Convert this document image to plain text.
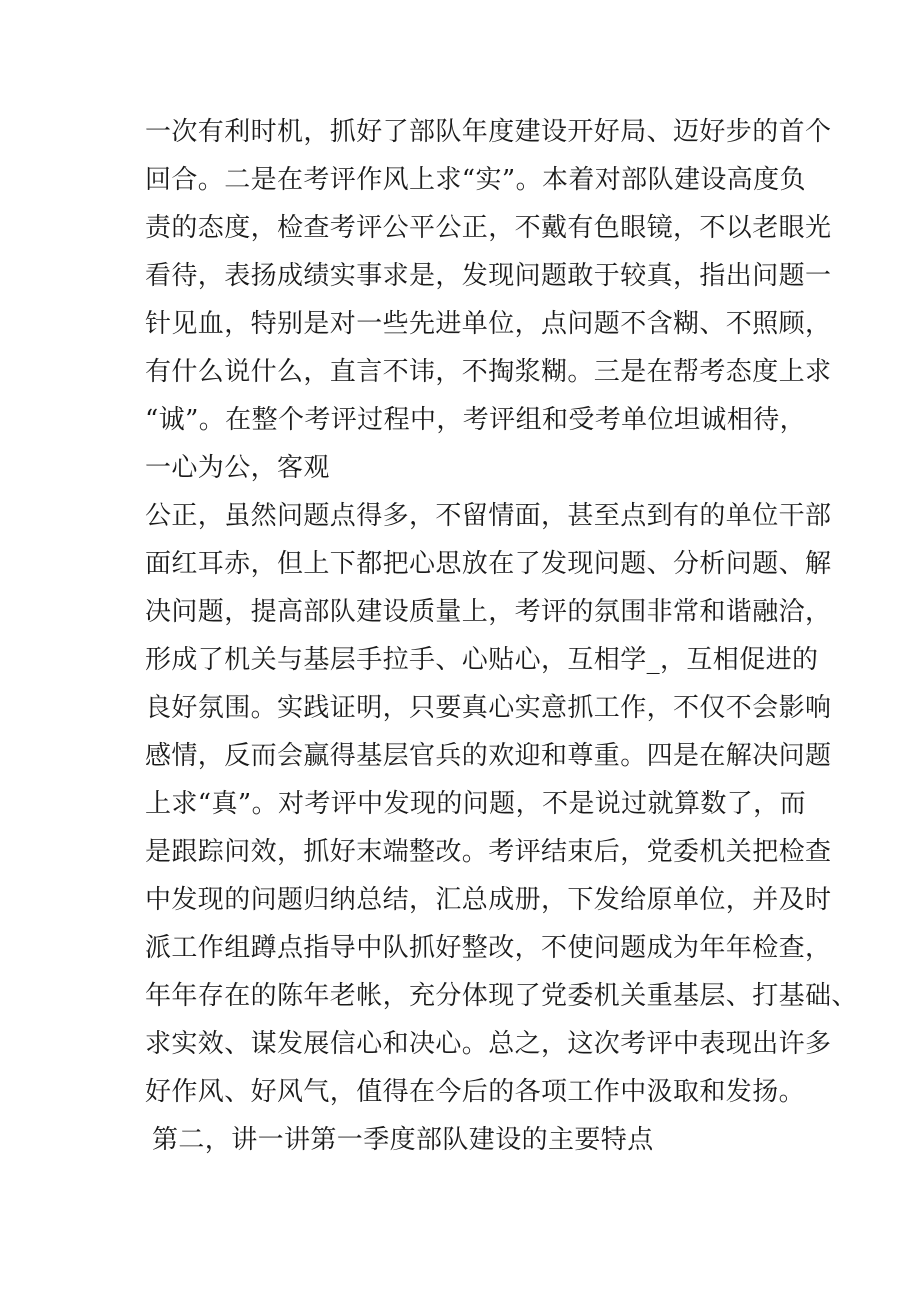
一次有利时机，抓好了部队年度建设开好局、迈好步的首个
回合。二是在考评作风上求“实”。本着对部队建设高度负
责的态度，检查考评公平公正，不戴有色眼镜，不以老眼光
看待，表扬成绩实事求是，发现问题敢于较真，指出问题一
针见血，特别是对一些先进单位，点问题不含糊、不照顾，
有什么说什么，直言不讳，不掏浆糊。三是在帮考态度上求
“诚”。在整个考评过程中，考评组和受考单位坦诚相待，
一心为公，客观
公正，虽然问题点得多，不留情面，甚至点到有的单位干部
面红耳赤，但上下都把心思放在了发现问题、分析问题、解
决问题，提高部队建设质量上，考评的氛围非常和谐融洽，
形成了机关与基层手拉手、心贴心，互相学_，互相促进的
良好氛围。实践证明，只要真心实意抓工作，不仅不会影响
感情，反而会赢得基层官兵的欢迎和尊重。四是在解决问题
上求“真”。对考评中发现的问题，不是说过就算数了，而
是跟踪问效，抓好末端整改。考评结束后，党委机关把检查
中发现的问题归纳总结，汇总成册，下发给原单位，并及时
派工作组蹲点指导中队抓好整改，不使问题成为年年检查，
年年存在的陈年老帐，充分体现了党委机关重基层、打基础、
求实效、谋发展信心和决心。总之，这次考评中表现出许多
好作风、好风气，值得在今后的各项工作中汲取和发扬。
第二，讲一讲第一季度部队建设的主要特点
